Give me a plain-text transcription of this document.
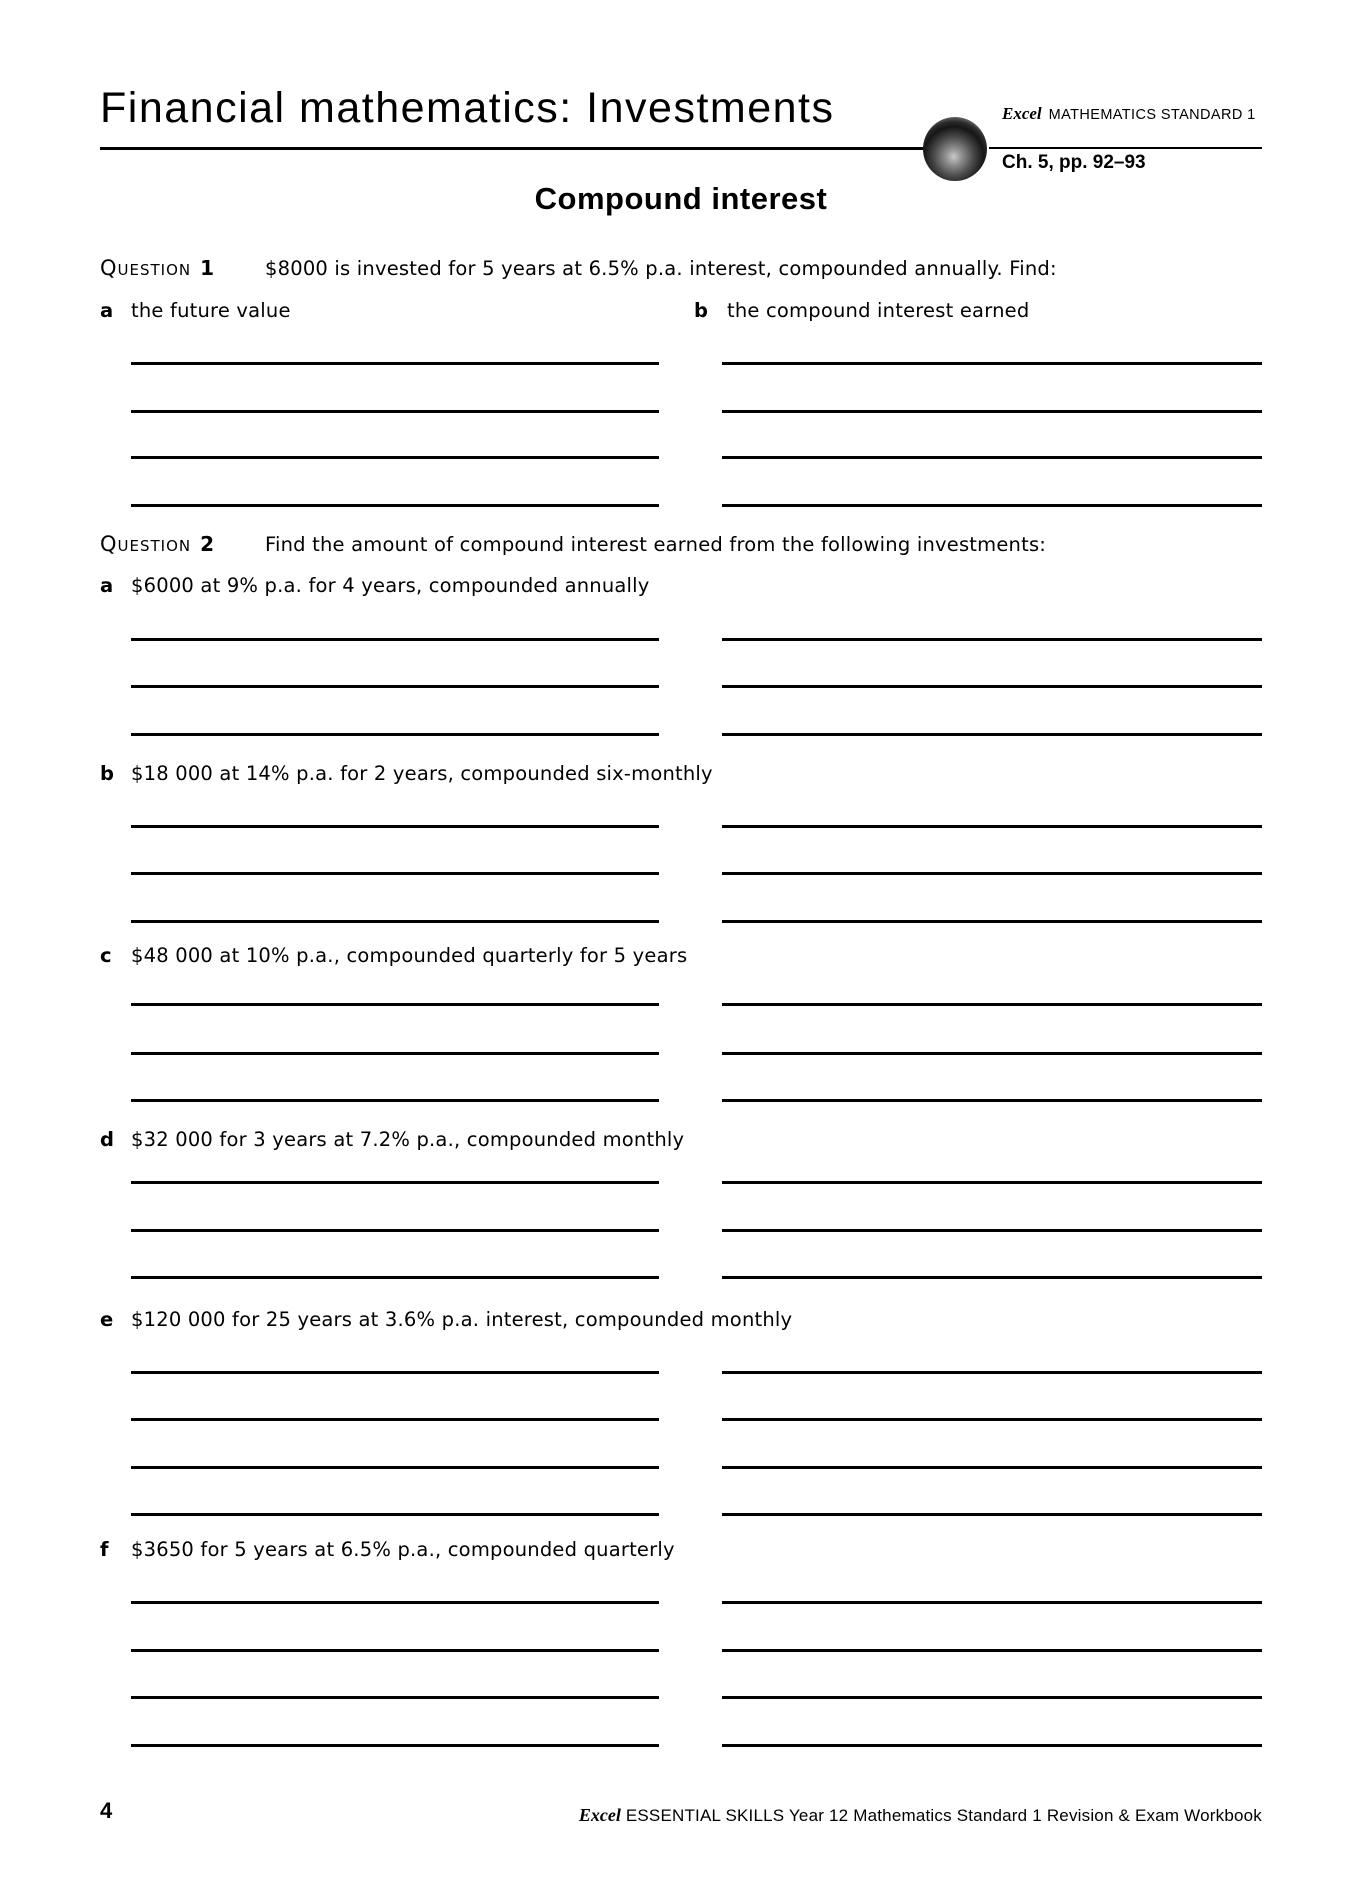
Financial mathematics: Investments	Excel MATHEMATICS STANDARD 1
Ch. 5, pp. 92–93
Compound interest
Question 1	$8000 is invested for 5 years at 6.5% p.a. interest, compounded annually. Find:
a the future value	b the compound interest earned
Question 2	Find the amount of compound interest earned from the following investments:
a $6000 at 9% p.a. for 4 years, compounded annually
b $18 000 at 14% p.a. for 2 years, compounded six-monthly
c $48 000 at 10% p.a., compounded quarterly for 5 years
d $32 000 for 3 years at 7.2% p.a., compounded monthly
e $120 000 for 25 years at 3.6% p.a. interest, compounded monthly
f $3650 for 5 years at 6.5% p.a., compounded quarterly
4	Excel ESSENTIAL SKILLS Year 12 Mathematics Standard 1 Revision & Exam Workbook
